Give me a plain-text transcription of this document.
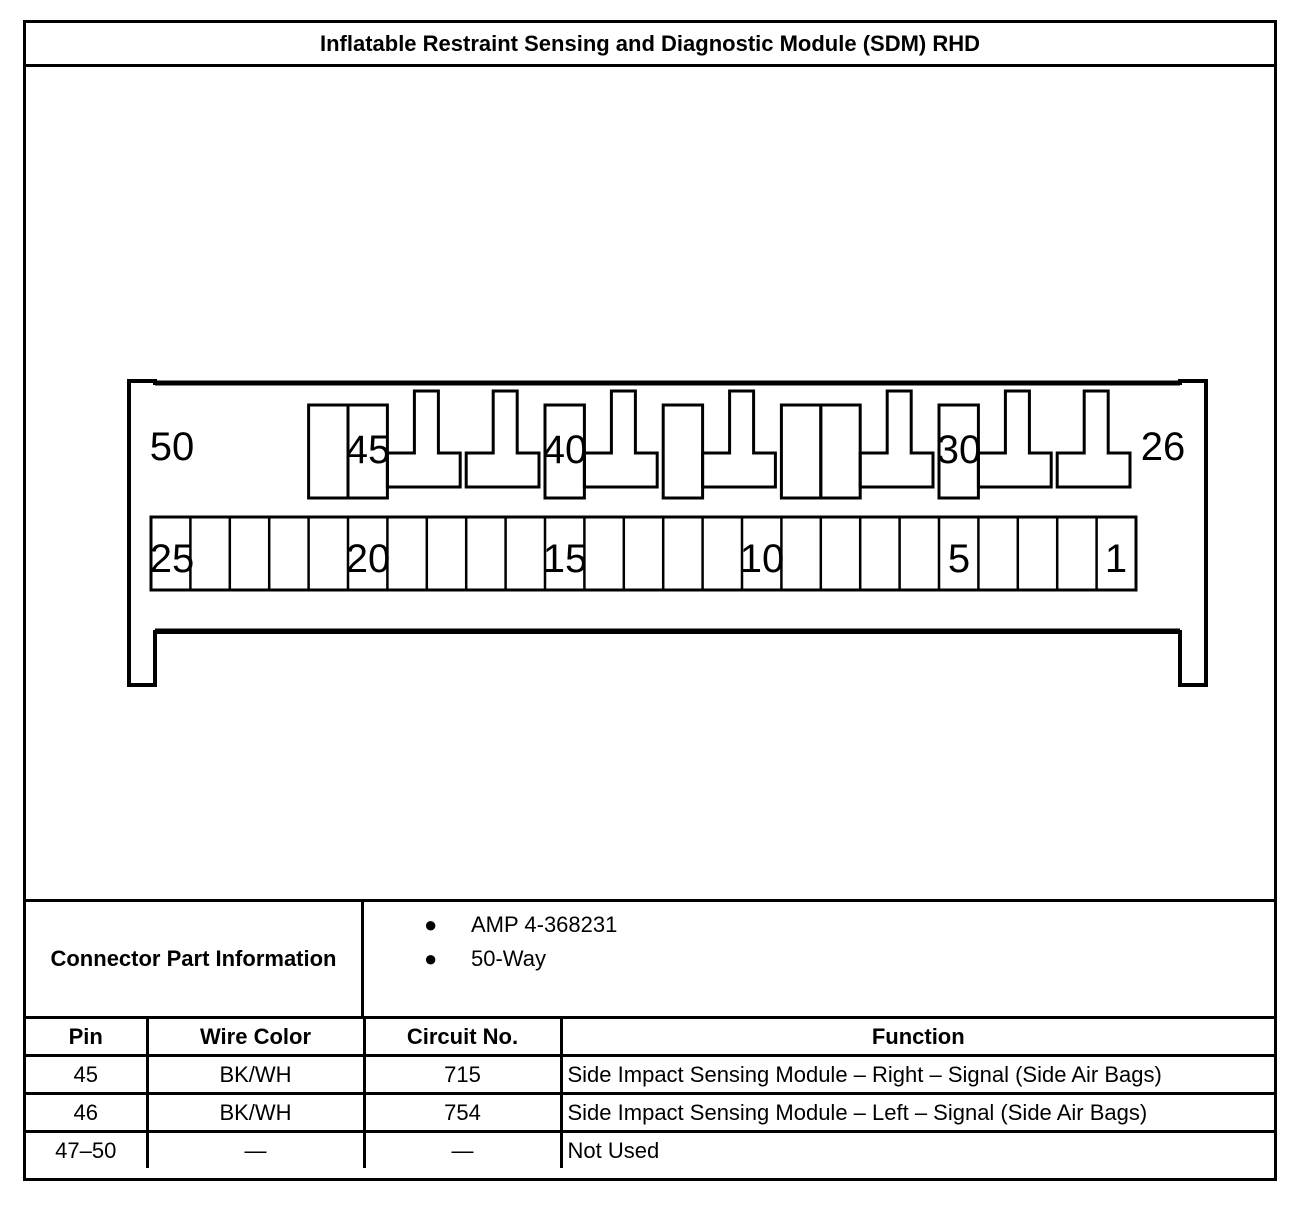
Inflatable Restraint Sensing and Diagnostic Module (SDM) RHD
50	26
45	40	30
25	20	15	10	5	1
Connector Part Information
● AMP 4-368231
● 50-Way
Pin	Wire Color	Circuit No.	Function
45	BK/WH	715	Side Impact Sensing Module – Right – Signal (Side Air Bags)
46	BK/WH	754	Side Impact Sensing Module – Left – Signal (Side Air Bags)
47–50	—	—	Not Used
